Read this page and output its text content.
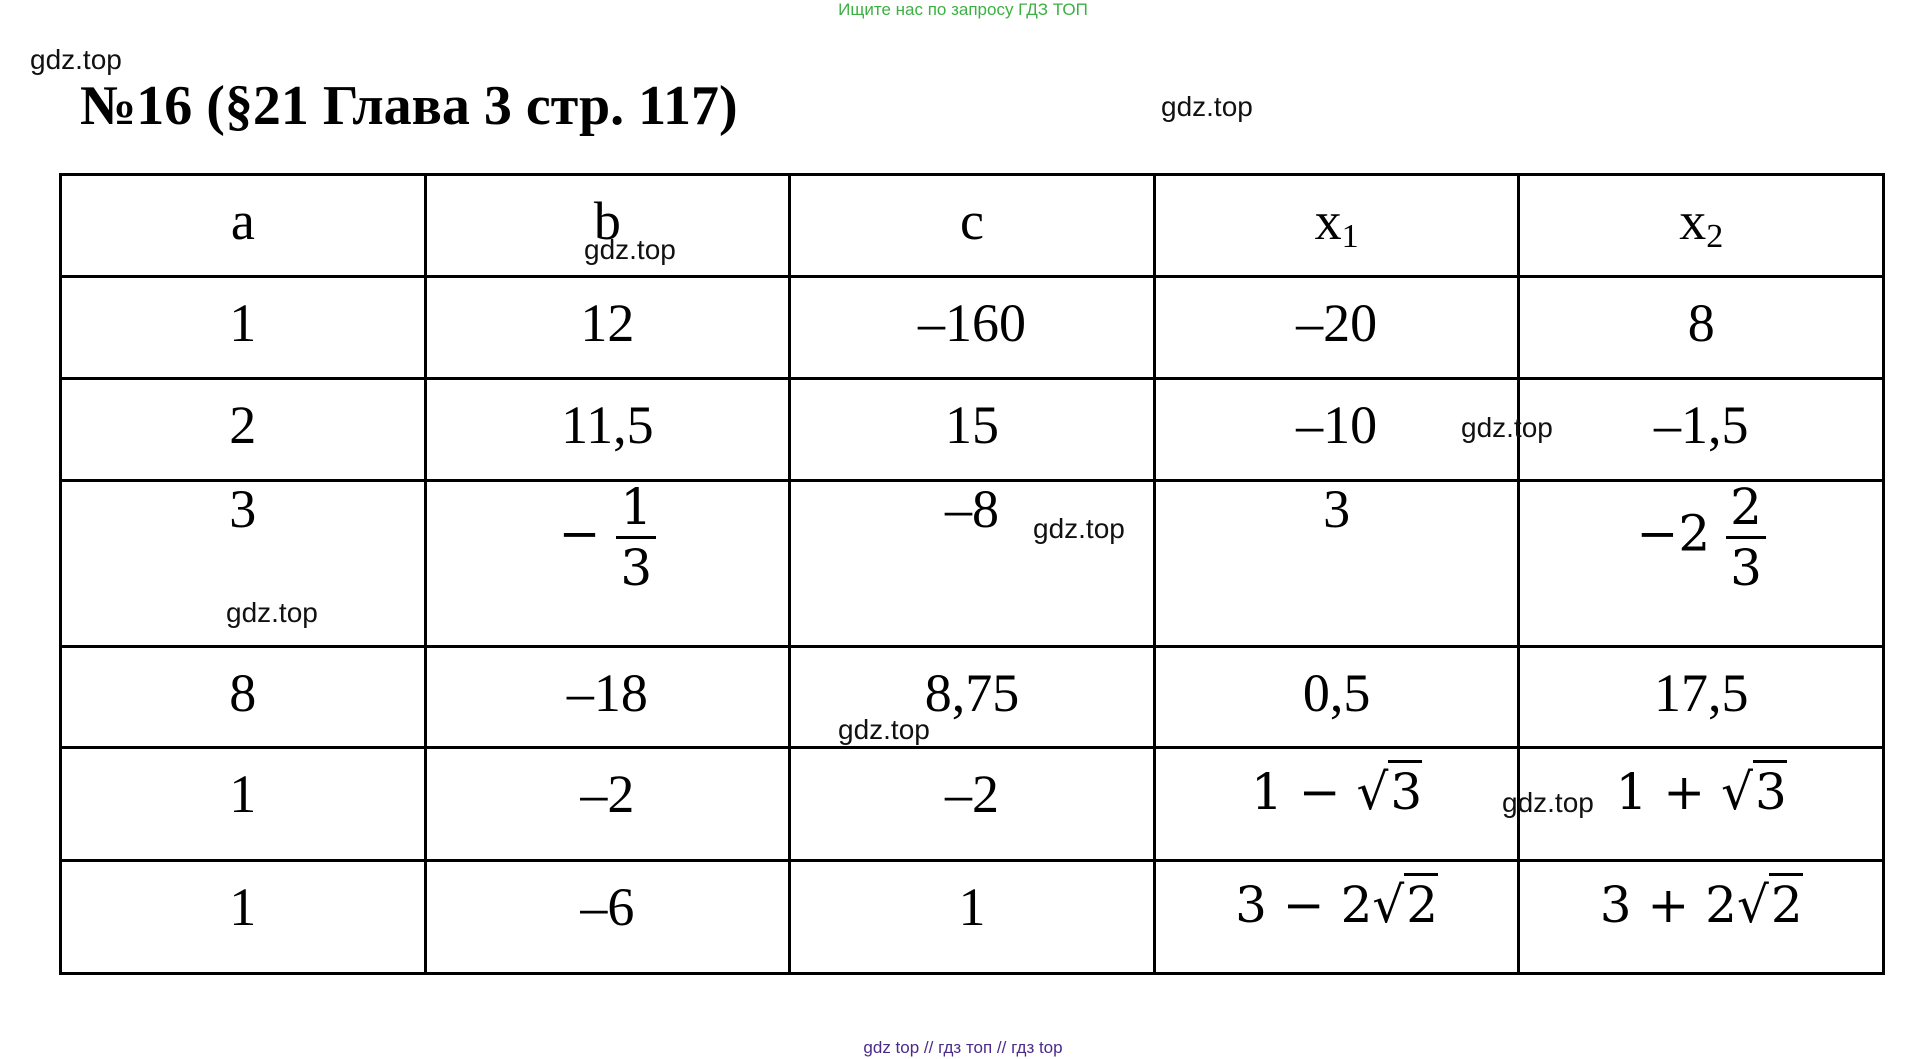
Ищите нас по запросу ГДЗ ТОП
gdz.top
gdz.top
№16 (§21 Глава 3 стр. 117)
a	b	c	$x_1$	$x_2$

1	12	–160	–20	8

2	11,5	15	–10	–1,5

3	− $\frac{1}{3}$	–8	3	$-2 \frac{2}{3}$

8	–18	8,75	0,5	17,5

1	–2	–2	1 − √3	1 + √3

1	–6	1	3 − 2√2	3 + 2√2
gdz.top
gdz.top
gdz.top
gdz.top
gdz.top
gdz.top
gdz top // гдз топ // гдз top
